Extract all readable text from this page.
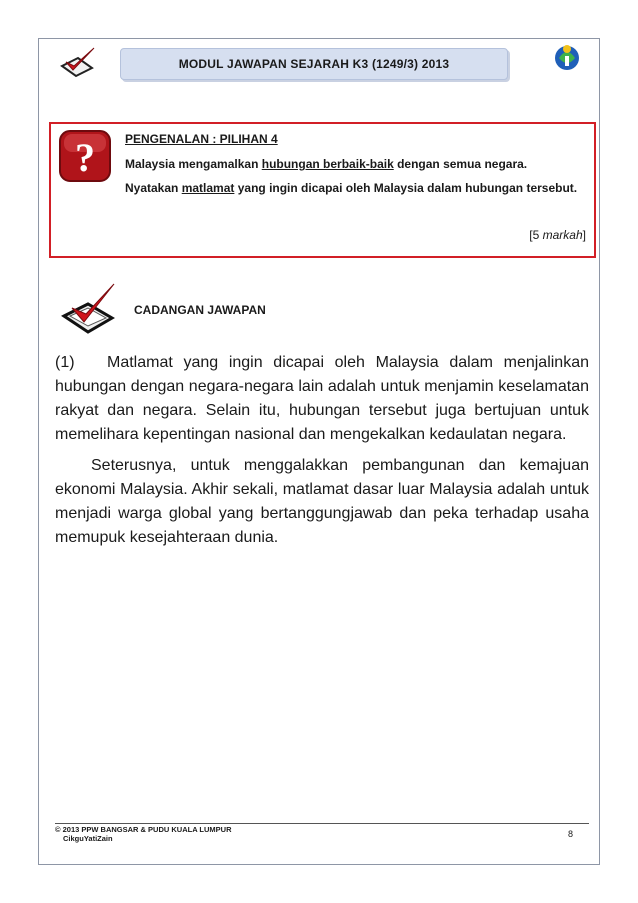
MODUL JAWAPAN SEJARAH K3 (1249/3) 2013
?	PENGENALAN : PILIHAN 4
Malaysia mengamalkan hubungan berbaik-baik dengan semua negara.
Nyatakan matlamat yang ingin dicapai oleh Malaysia dalam hubungan tersebut.
[5 markah]
CADANGAN JAWAPAN

(1) Matlamat yang ingin dicapai oleh Malaysia dalam menjalinkan hubungan dengan negara-negara lain adalah untuk menjamin keselamatan rakyat dan negara. Selain itu, hubungan tersebut juga bertujuan untuk memelihara kepentingan nasional dan mengekalkan kedaulatan negara.

Seterusnya, untuk menggalakkan pembangunan dan kemajuan ekonomi Malaysia. Akhir sekali, matlamat dasar luar Malaysia adalah untuk menjadi warga global yang bertanggungjawab dan peka terhadap usaha memupuk kesejahteraan dunia.

© 2013 PPW BANGSAR & PUDU KUALA LUMPUR
CikguYatiZain	8
